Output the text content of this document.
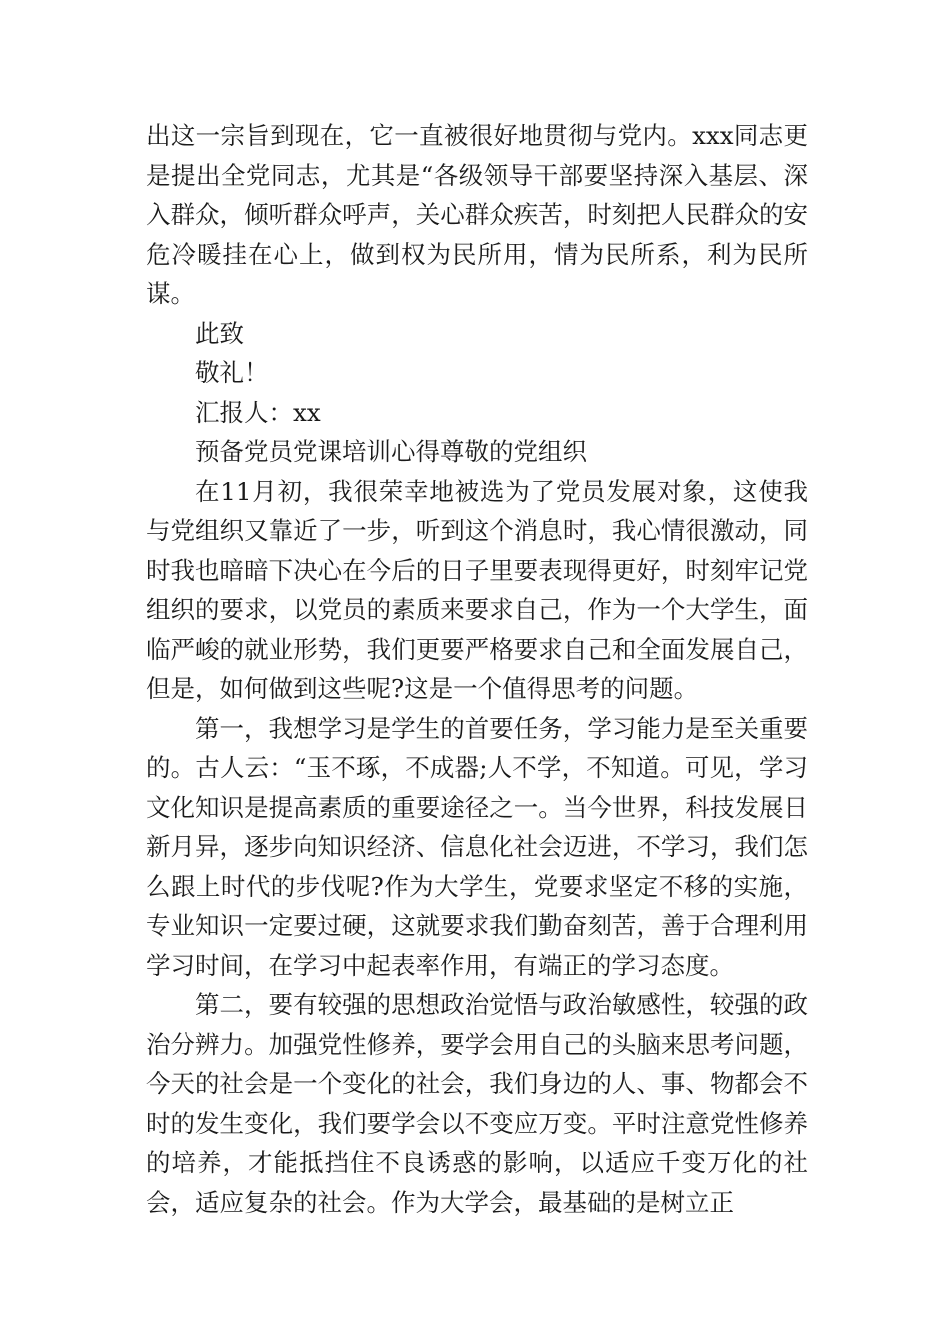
出这一宗旨到现在，它一直被很好地贯彻与党内。xxx同志更是提出全党同志，尤其是“各级领导干部要坚持深入基层、深入群众，倾听群众呼声，关心群众疾苦，时刻把人民群众的安危冷暖挂在心上，做到权为民所用，情为民所系，利为民所谋。

此致

敬礼！

汇报人：xx

预备党员党课培训心得尊敬的党组织

在11月初，我很荣幸地被选为了党员发展对象，这使我与党组织又靠近了一步，听到这个消息时，我心情很激动，同时我也暗暗下决心在今后的日子里要表现得更好，时刻牢记党组织的要求，以党员的素质来要求自己，作为一个大学生，面临严峻的就业形势，我们更要严格要求自己和全面发展自己，但是，如何做到这些呢?这是一个值得思考的问题。

第一，我想学习是学生的首要任务，学习能力是至关重要的。古人云：“玉不琢，不成器;人不学，不知道。可见，学习文化知识是提高素质的重要途径之一。当今世界，科技发展日新月异，逐步向知识经济、信息化社会迈进，不学习，我们怎么跟上时代的步伐呢?作为大学生，党要求坚定不移的实施，专业知识一定要过硬，这就要求我们勤奋刻苦，善于合理利用学习时间，在学习中起表率作用，有端正的学习态度。

第二，要有较强的思想政治觉悟与政治敏感性，较强的政治分辨力。加强党性修养，要学会用自己的头脑来思考问题，今天的社会是一个变化的社会，我们身边的人、事、物都会不时的发生变化，我们要学会以不变应万变。平时注意党性修养的培养，才能抵挡住不良诱惑的影响，以适应千变万化的社会，适应复杂的社会。作为大学会，最基础的是树立正
